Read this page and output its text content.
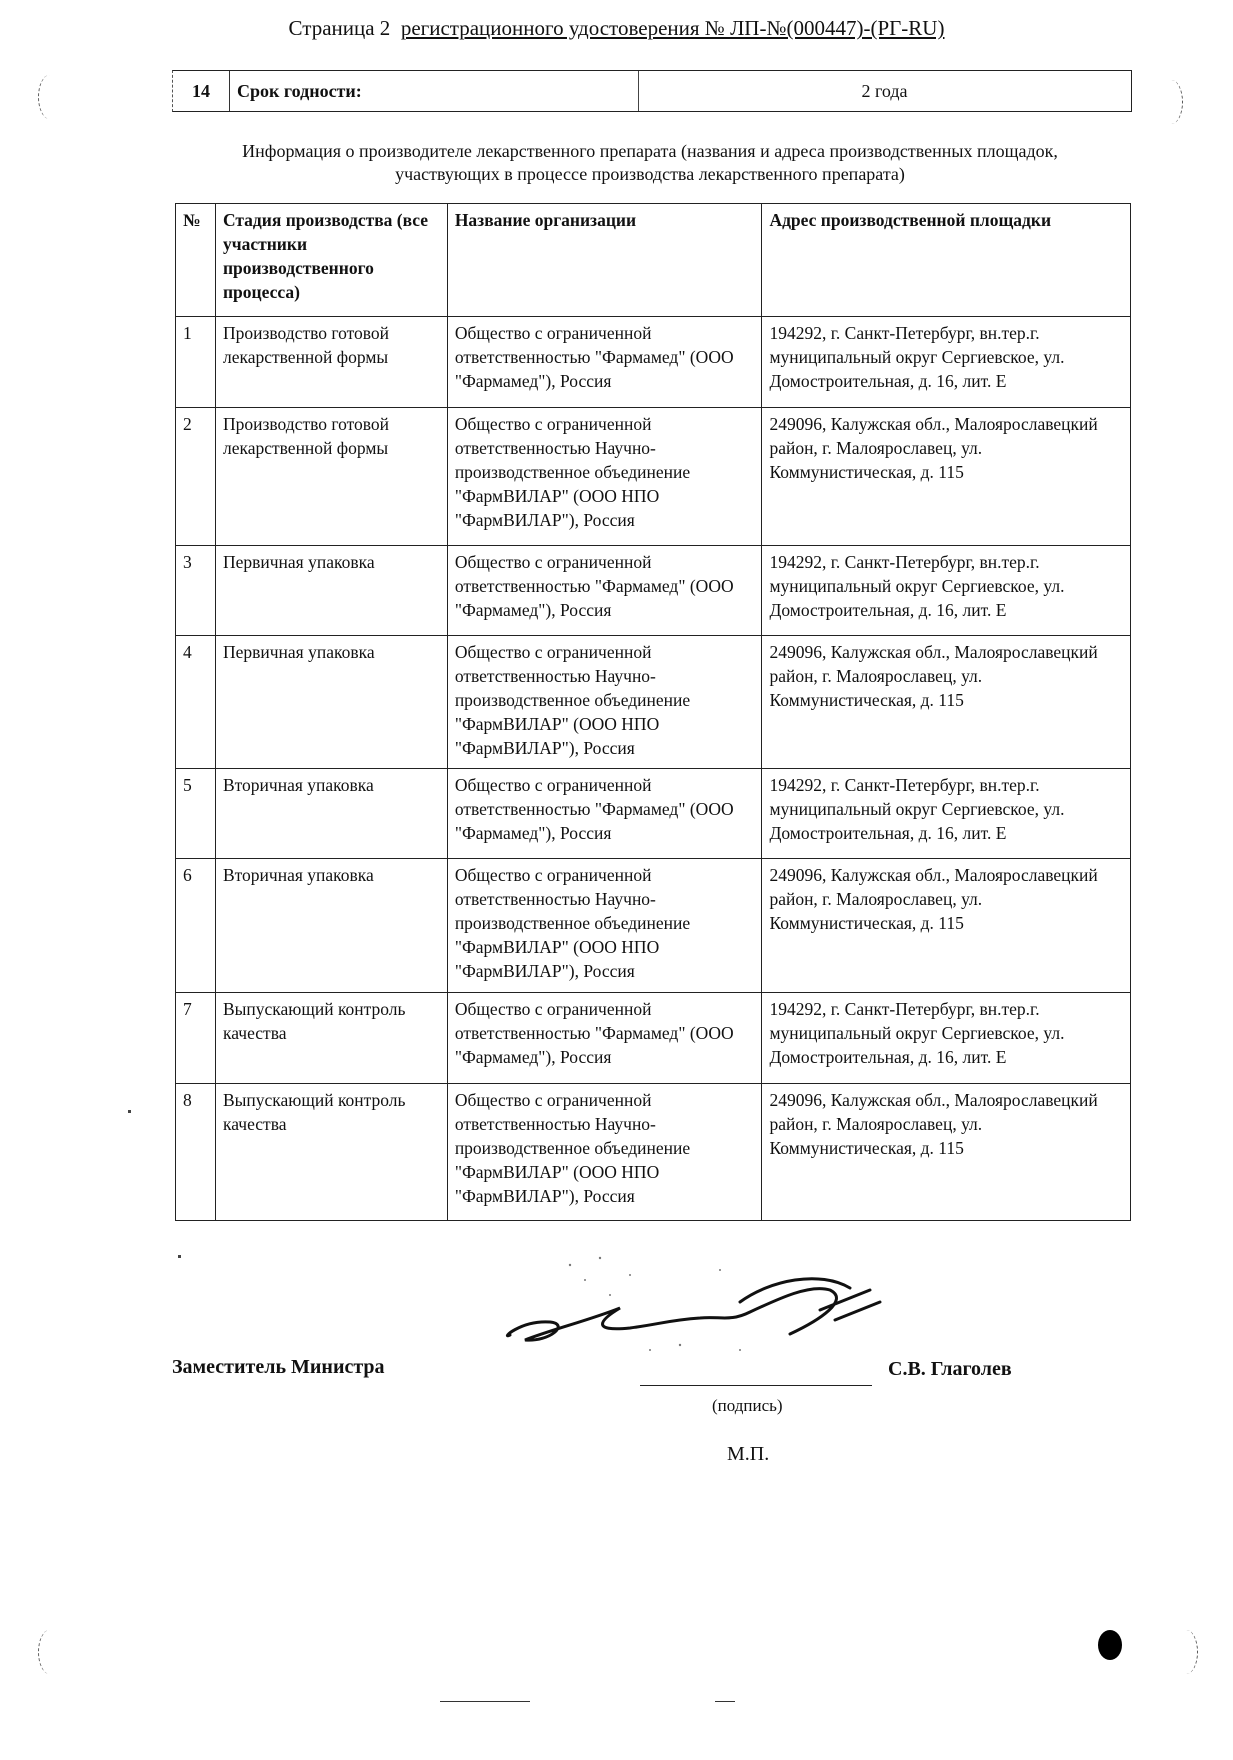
Страница 2 регистрационного удостоверения № ЛП-№(000447)-(РГ-RU)
14	Срок годности:	2 года
Информация о производителе лекарственного препарата (названия и адреса производственных площадок,
участвующих в процессе производства лекарственного препарата)
№	Стадия производства (все участники производственного процесса)	Название организации	Адрес производственной площадки
1	Производство готовой лекарственной формы	Общество с ограниченной ответственностью "Фармамед" (ООО "Фармамед"), Россия	194292, г. Санкт-Петербург, вн.тер.г. муниципальный округ Сергиевское, ул. Домостроительная, д. 16, лит. Е
2	Производство готовой лекарственной формы	Общество с ограниченной ответственностью Научно-производственное объединение "ФармВИЛАР" (ООО НПО "ФармВИЛАР"), Россия	249096, Калужская обл., Малоярославецкий район, г. Малоярославец, ул. Коммунистическая, д. 115
3	Первичная упаковка	Общество с ограниченной ответственностью "Фармамед" (ООО "Фармамед"), Россия	194292, г. Санкт-Петербург, вн.тер.г. муниципальный округ Сергиевское, ул. Домостроительная, д. 16, лит. Е
4	Первичная упаковка	Общество с ограниченной ответственностью Научно-производственное объединение "ФармВИЛАР" (ООО НПО "ФармВИЛАР"), Россия	249096, Калужская обл., Малоярославецкий район, г. Малоярославец, ул. Коммунистическая, д. 115
5	Вторичная упаковка	Общество с ограниченной ответственностью "Фармамед" (ООО "Фармамед"), Россия	194292, г. Санкт-Петербург, вн.тер.г. муниципальный округ Сергиевское, ул. Домостроительная, д. 16, лит. Е
6	Вторичная упаковка	Общество с ограниченной ответственностью Научно-производственное объединение "ФармВИЛАР" (ООО НПО "ФармВИЛАР"), Россия	249096, Калужская обл., Малоярославецкий район, г. Малоярославец, ул. Коммунистическая, д. 115
7	Выпускающий контроль качества	Общество с ограниченной ответственностью "Фармамед" (ООО "Фармамед"), Россия	194292, г. Санкт-Петербург, вн.тер.г. муниципальный округ Сергиевское, ул. Домостроительная, д. 16, лит. Е
8	Выпускающий контроль качества	Общество с ограниченной ответственностью Научно-производственное объединение "ФармВИЛАР" (ООО НПО "ФармВИЛАР"), Россия	249096, Калужская обл., Малоярославецкий район, г. Малоярославец, ул. Коммунистическая, д. 115
Заместитель Министра	С.В. Глаголев
(подпись)
М.П.
